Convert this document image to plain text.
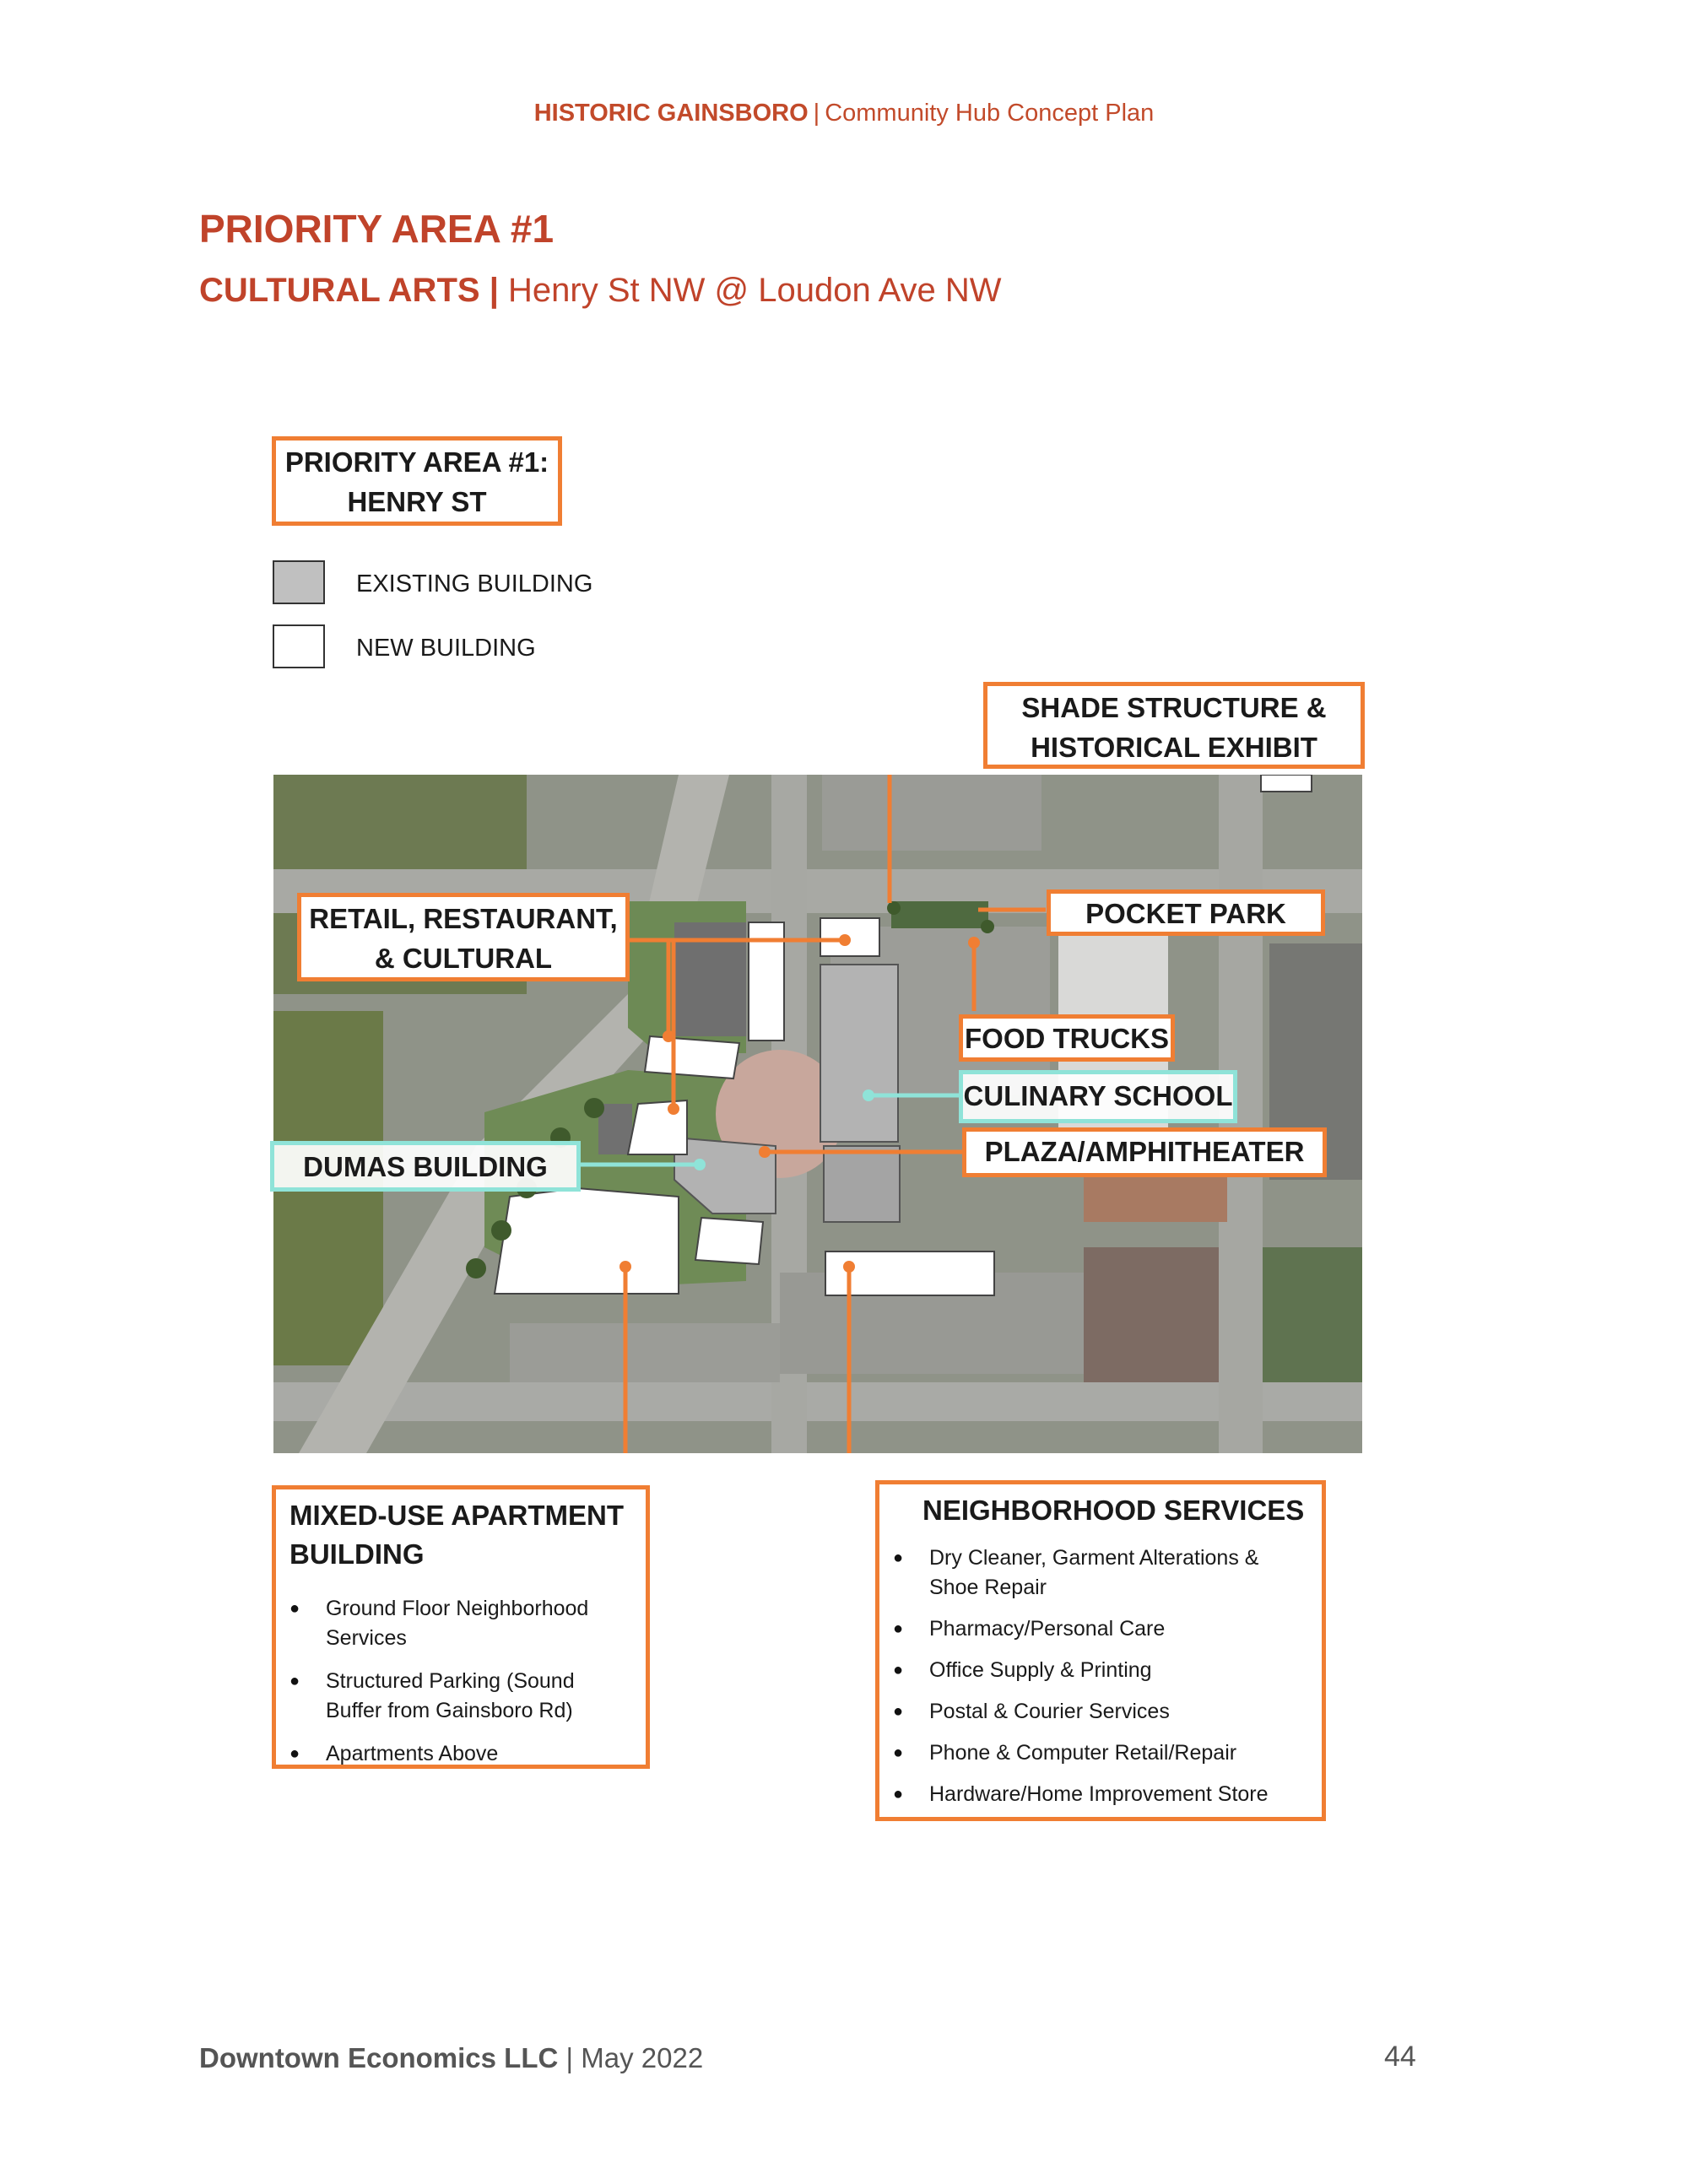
HISTORIC GAINSBORO | Community Hub Concept Plan
PRIORITY AREA #1
CULTURAL ARTS | Henry St NW @ Loudon Ave NW
PRIORITY AREA #1:
HENRY ST
EXISTING BUILDING
NEW BUILDING
SHADE STRUCTURE &
HISTORICAL EXHIBIT
POCKET PARK
RETAIL, RESTAURANT,
& CULTURAL
FOOD TRUCKS
CULINARY SCHOOL
PLAZA/AMPHITHEATER
DUMAS BUILDING
MIXED-USE APARTMENT
BUILDING
● Ground Floor Neighborhood
Services
● Structured Parking (Sound
Buffer from Gainsboro Rd)
● Apartments Above
NEIGHBORHOOD SERVICES
● Dry Cleaner, Garment Alterations &
Shoe Repair
● Pharmacy/Personal Care
● Office Supply & Printing
● Postal & Courier Services
● Phone & Computer Retail/Repair
● Hardware/Home Improvement Store
Downtown Economics LLC | May 2022	44
